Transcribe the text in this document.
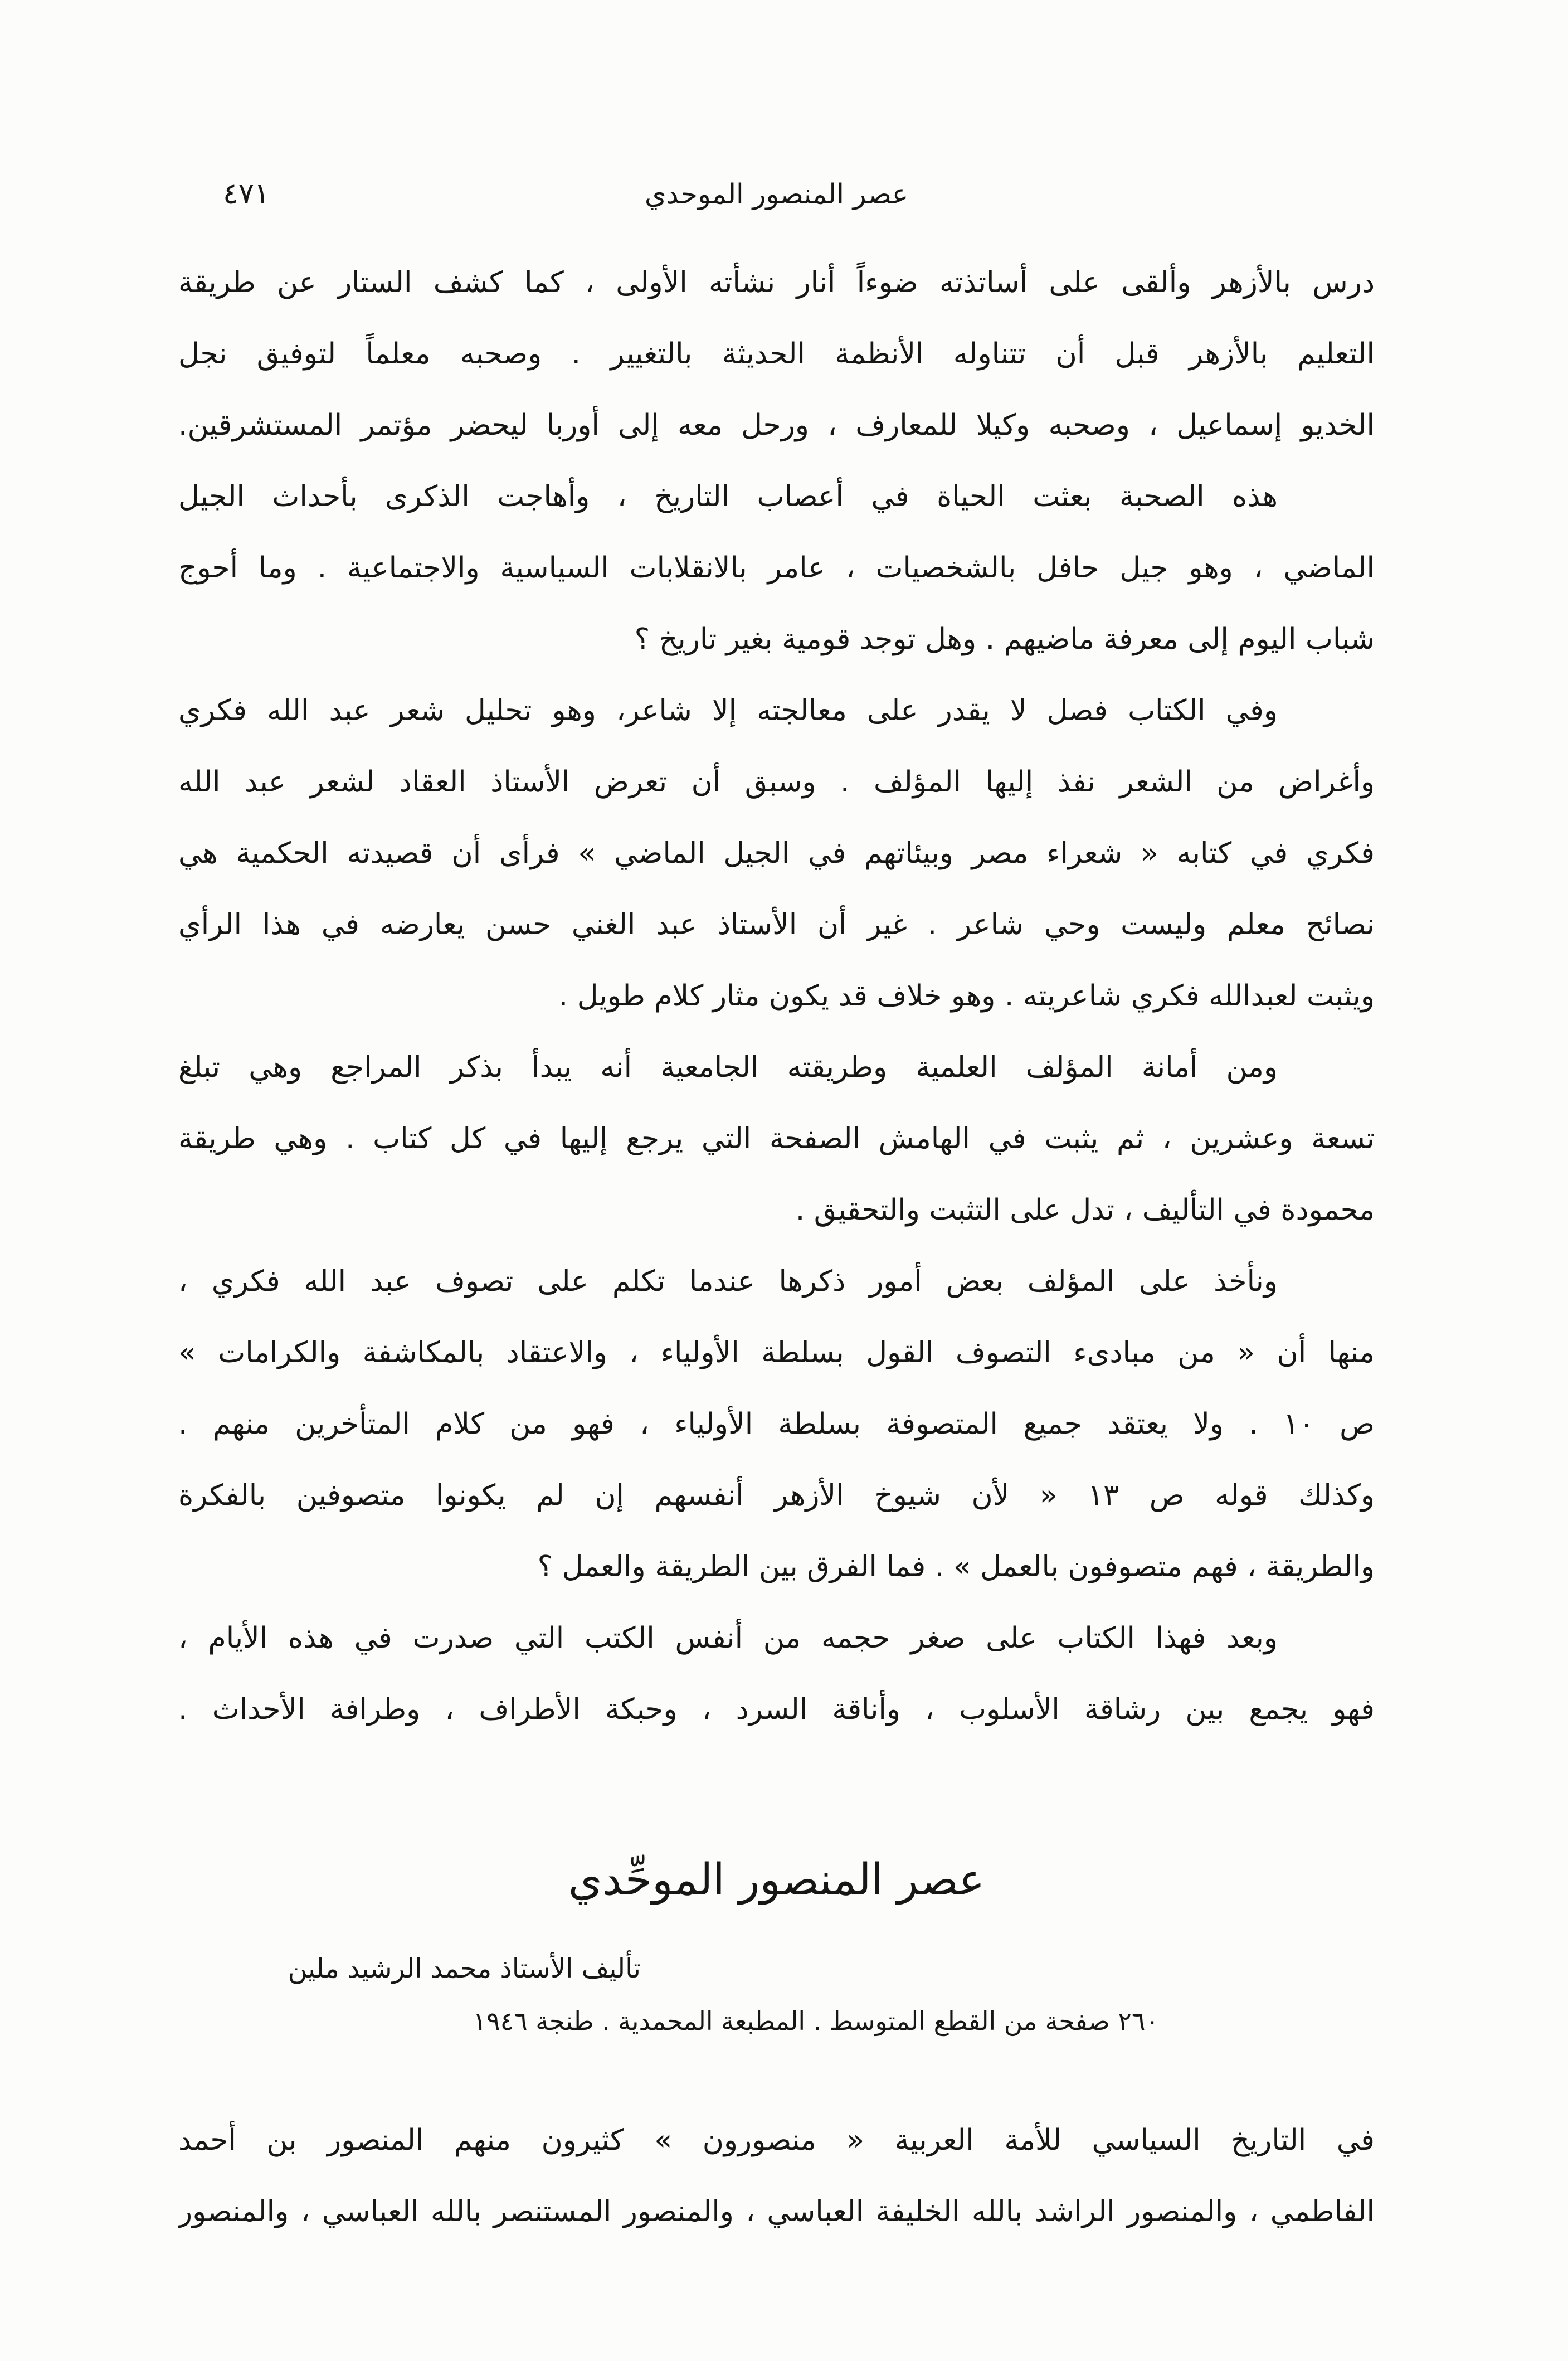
عصر المنصور الموحدي
٤٧١
درس بالأزهر وألقى على أساتذته ضوءاً أنار نشأته الأولى ، كما كشف الستار عن طريقة
التعليم بالأزهر قبل أن تتناوله الأنظمة الحديثة بالتغيير . وصحبه معلماً لتوفيق نجل
الخديو إسماعيل ، وصحبه وكيلا للمعارف ، ورحل معه إلى أوربا ليحضر مؤتمر المستشرقين.
هذه الصحبة بعثت الحياة في أعصاب التاريخ ، وأهاجت الذكرى بأحداث الجيل
الماضي ، وهو جيل حافل بالشخصيات ، عامر بالانقلابات السياسية والاجتماعية . وما أحوج
شباب اليوم إلى معرفة ماضيهم . وهل توجد قومية بغير تاريخ ؟
وفي الكتاب فصل لا يقدر على معالجته إلا شاعر، وهو تحليل شعر عبد الله فكري
وأغراض من الشعر نفذ إليها المؤلف . وسبق أن تعرض الأستاذ العقاد لشعر عبد الله
فكري في كتابه « شعراء مصر وبيئاتهم في الجيل الماضي » فرأى أن قصيدته الحكمية هي
نصائح معلم وليست وحي شاعر . غير أن الأستاذ عبد الغني حسن يعارضه في هذا الرأي
ويثبت لعبدالله فكري شاعريته . وهو خلاف قد يكون مثار كلام طويل .
ومن أمانة المؤلف العلمية وطريقته الجامعية أنه يبدأ بذكر المراجع وهي تبلغ
تسعة وعشرين ، ثم يثبت في الهامش الصفحة التي يرجع إليها في كل كتاب . وهي طريقة
محمودة في التأليف ، تدل على التثبت والتحقيق .
ونأخذ على المؤلف بعض أمور ذكرها عندما تكلم على تصوف عبد الله فكري ،
منها أن « من مبادىء التصوف القول بسلطة الأولياء ، والاعتقاد بالمكاشفة والكرامات »
ص ١٠ . ولا يعتقد جميع المتصوفة بسلطة الأولياء ، فهو من كلام المتأخرين منهم .
وكذلك قوله ص ١٣ « لأن شيوخ الأزهر أنفسهم إن لم يكونوا متصوفين بالفكرة
والطريقة ، فهم متصوفون بالعمل » . فما الفرق بين الطريقة والعمل ؟
وبعد فهذا الكتاب على صغر حجمه من أنفس الكتب التي صدرت في هذه الأيام ،
فهو يجمع بين رشاقة الأسلوب ، وأناقة السرد ، وحبكة الأطراف ، وطرافة الأحداث .
عصر المنصور الموحِّدي
تأليف الأستاذ محمد الرشيد ملين
٢٦٠ صفحة من القطع المتوسط . المطبعة المحمدية . طنجة ١٩٤٦
في التاريخ السياسي للأمة العربية « منصورون » كثيرون منهم المنصور بن أحمد
الفاطمي ، والمنصور الراشد بالله الخليفة العباسي ، والمنصور المستنصر بالله العباسي ، والمنصور
